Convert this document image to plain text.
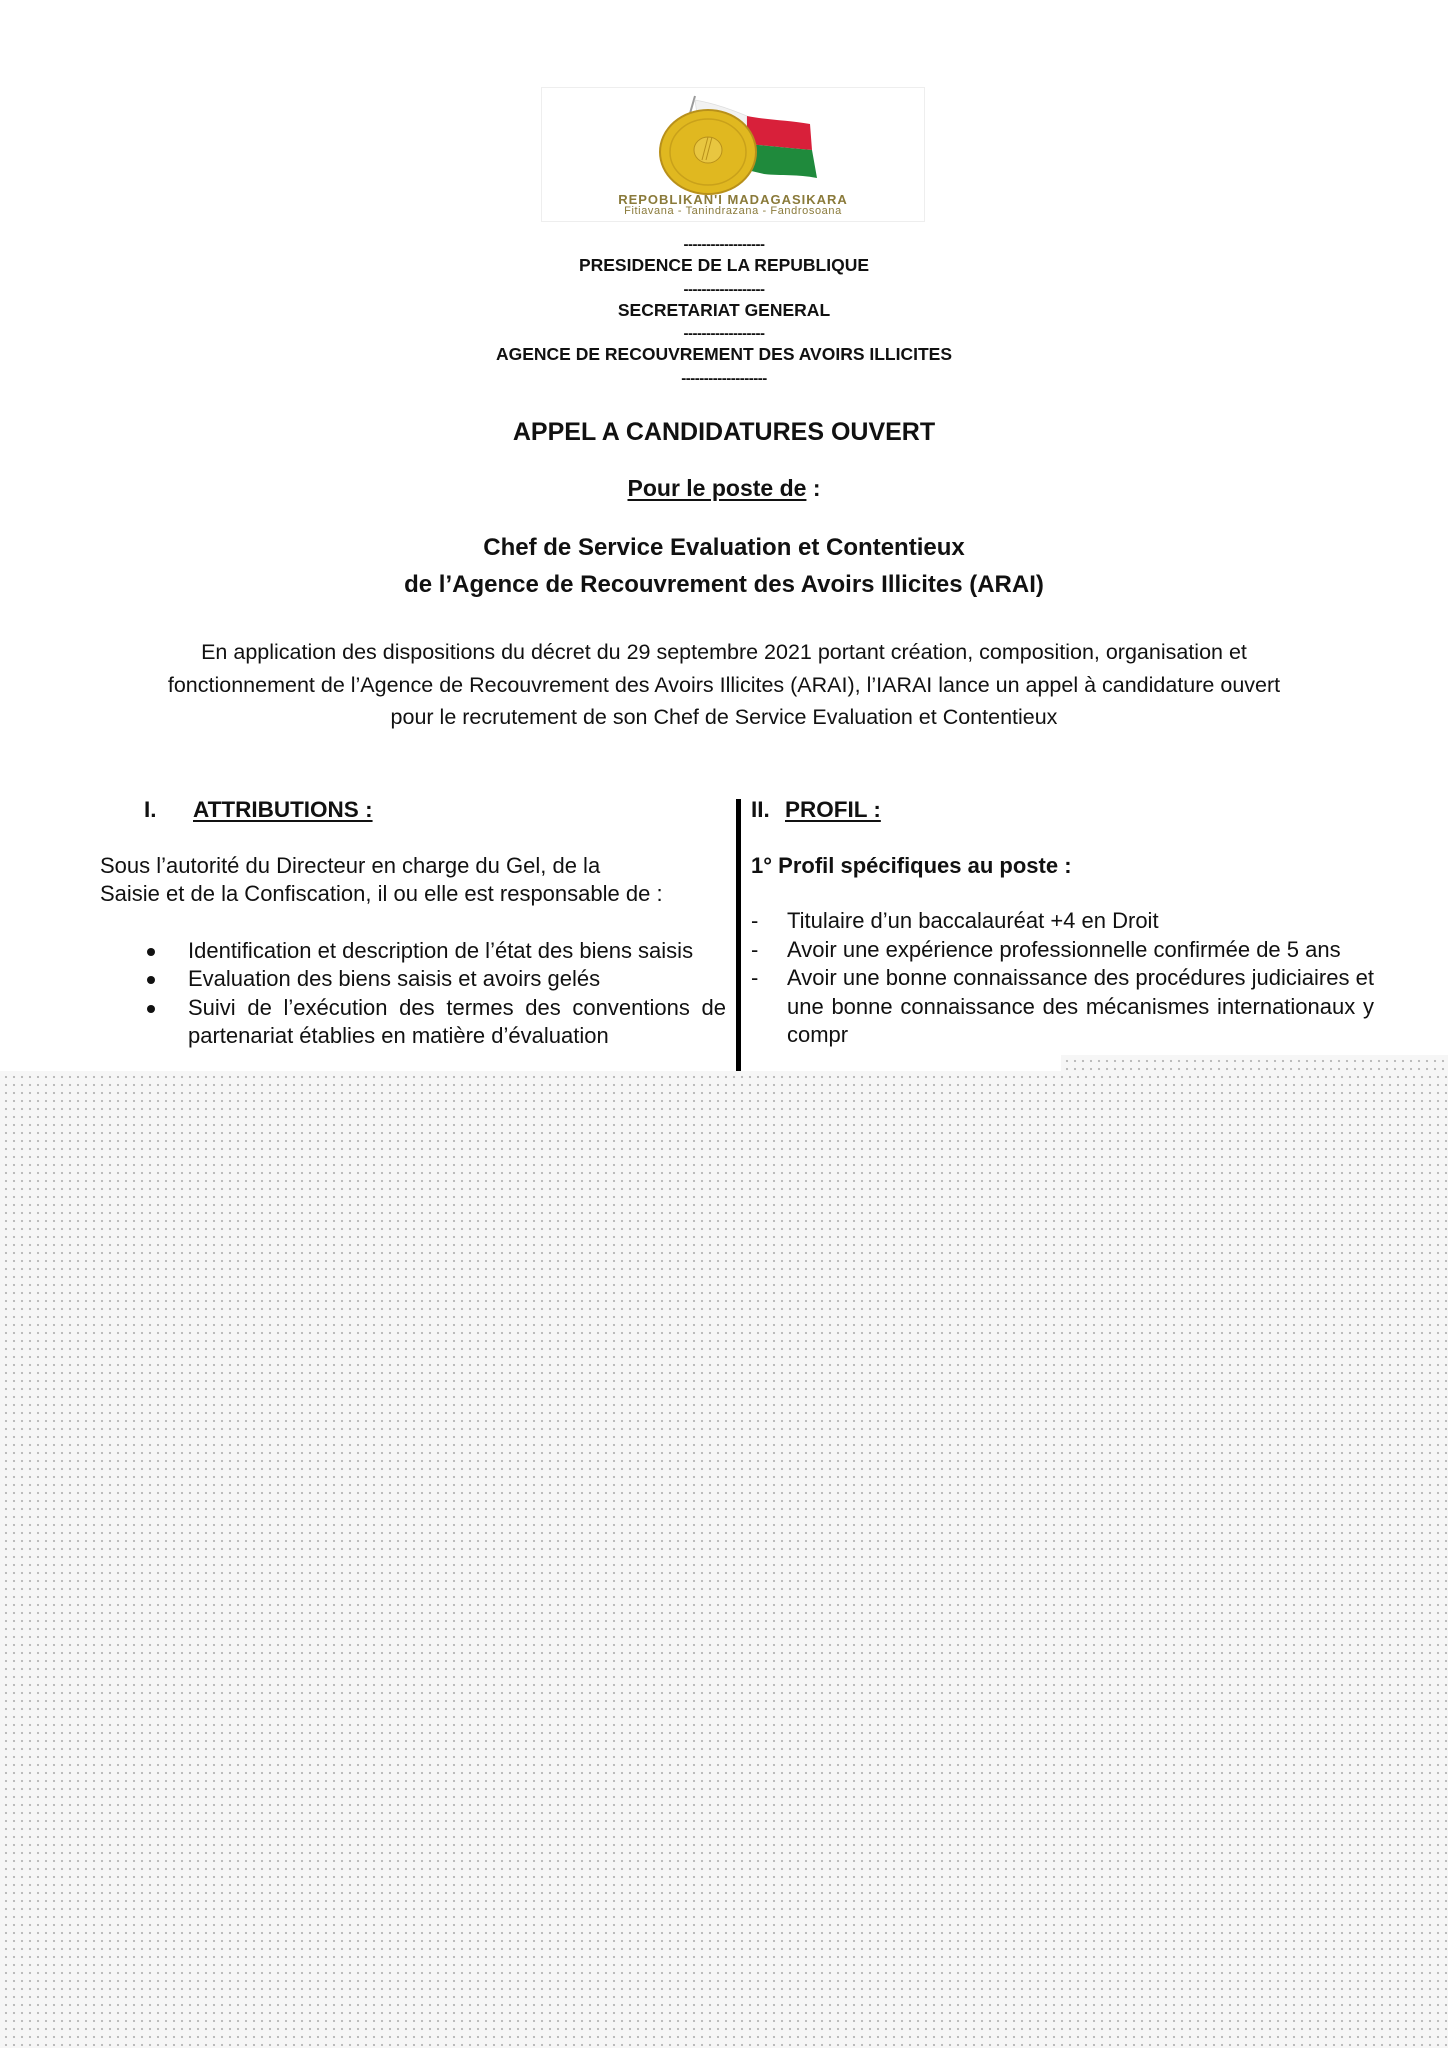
REPOBLIKAN'I MADAGASIKARA
Fitiavana - Tanindrazana - Fandrosoana
------------------
PRESIDENCE DE LA REPUBLIQUE
------------------
SECRETARIAT GENERAL
------------------
AGENCE DE RECOUVREMENT DES AVOIRS ILLICITES
-------------------
APPEL A CANDIDATURES OUVERT
Pour le poste de :
Chef de Service Evaluation et Contentieux
de l’Agence de Recouvrement des Avoirs Illicites (ARAI)
En application des dispositions du décret du 29 septembre 2021 portant création, composition, organisation et
fonctionnement de l’Agence de Recouvrement des Avoirs Illicites (ARAI), l’IARAI lance un appel à candidature ouvert
pour le recrutement de son Chef de Service Evaluation et Contentieux
I.	ATTRIBUTIONS :
Sous l’autorité du Directeur en charge du Gel, de la
Saisie et de la Confiscation, il ou elle est responsable de :
Identification et description de l’état des biens saisis
Evaluation des biens saisis et avoirs gelés
Suivi de l’exécution des termes des conventions de partenariat établies en matière d’évaluation
II. PROFIL :
1° Profil spécifiques au poste :
- Titulaire d’un baccalauréat +4 en Droit
- Avoir une expérience professionnelle confirmée de 5 ans
- Avoir une bonne connaissance des procédures judiciaires et une bonne connaissance des mécanismes internationaux y compr
